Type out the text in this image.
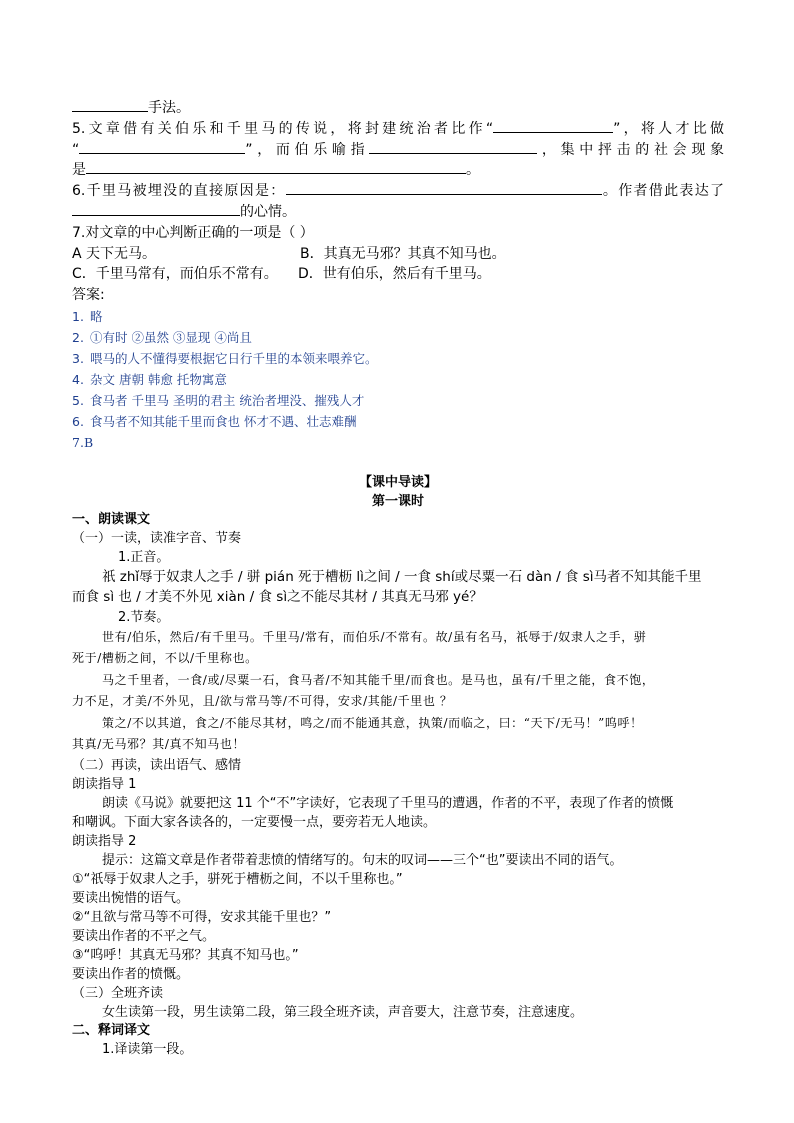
手法。
5.文章借有关伯乐和千里马的传说，将封建统治者比作“	”，将人才比做
“	”，而伯乐喻指	，集中抨击的社会现象
是	。
6.千里马被埋没的直接原因是：	。作者借此表达了
的心情。
7.对文章的中心判断正确的一项是（ ）
A 天下无马。	B．其真无马邪？其真不知马也。
C．千里马常有，而伯乐不常有。 D．世有伯乐，然后有千里马。
答案:
1. 略
2. ①有时 ②虽然 ③显现 ④尚且
3. 喂马的人不懂得要根据它日行千里的本领来喂养它。
4. 杂文 唐朝 韩愈 托物寓意
5. 食马者 千里马 圣明的君主 统治者埋没、摧残人才
6. 食马者不知其能千里而食也 怀才不遇、壮志难酬
7.B
【课中导读】
第一课时
一、朗读课文
（一）一读，读准字音、节奏
1.正音。
祇 zhǐ辱于奴隶人之手 / 骈 pián 死于槽枥 lì之间 / 一食 shí或尽粟一石 dàn / 食 sì马者不知其能千里
而食 sì 也 / 才美不外见 xiàn / 食 sì之不能尽其材 / 其真无马邪 yé？
2.节奏。
世有/伯乐，然后/有千里马。千里马/常有，而伯乐/不常有。故/虽有名马，祇辱于/奴隶人之手，骈
死于/槽枥之间，不以/千里称也。
马之千里者，一食/或/尽粟一石，食马者/不知其能千里/而食也。是马也，虽有/千里之能，食不饱，
力不足，才美/不外见，且/欲与常马等/不可得，安求/其能/千里也 ？
策之/不以其道，食之/不能尽其材，鸣之/而不能通其意，执策/而临之，曰：“天下/无马！”呜呼！
其真/无马邪？其/真不知马也！
（二）再读，读出语气、感情
朗读指导 1
朗读《马说》就要把这 11 个“不”字读好，它表现了千里马的遭遇，作者的不平，表现了作者的愤慨
和嘲讽。下面大家各读各的，一定要慢一点，要旁若无人地读。
朗读指导 2
提示：这篇文章是作者带着悲愤的情绪写的。句末的叹词——三个“也”要读出不同的语气。
①“祇辱于奴隶人之手，骈死于槽枥之间，不以千里称也。”
要读出惋惜的语气。
②“且欲与常马等不可得，安求其能千里也？”
要读出作者的不平之气。
③“呜呼！其真无马邪？其真不知马也。”
要读出作者的愤慨。
（三）全班齐读
女生读第一段，男生读第二段，第三段全班齐读，声音要大，注意节奏，注意速度。
二、释词译文
1.译读第一段。
